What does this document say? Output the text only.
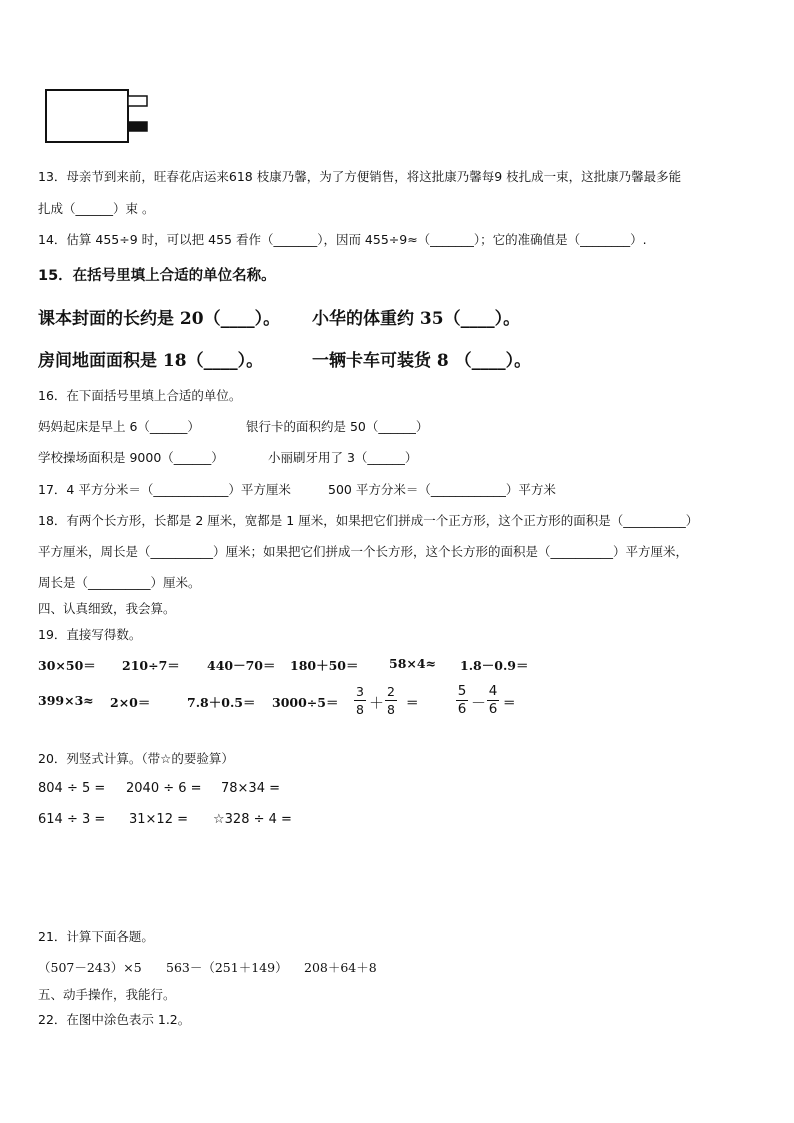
13．母亲节到来前，旺春花店运来618 枝康乃馨，为了方便销售，将这批康乃馨每9 枝扎成一束，这批康乃馨最多能
扎成（______）束 。
14．估算 455÷9 时，可以把 455 看作（_______），因而 455÷9≈（_______）；它的准确值是（________）.
15．在括号里填上合适的单位名称。
课本封面的长约是 20（____）。 小华的体重约 35（____）。
房间地面面积是 18（____）。	一辆卡车可装货 8 （____）。
16．在下面括号里填上合适的单位。
妈妈起床是早上 6（______）	银行卡的面积约是 50（______）
学校操场面积是 9000（______）	小丽刷牙用了 3（______）
17．4 平方分米＝（____________）平方厘米	500 平方分米＝（____________）平方米
18．有两个长方形，长都是 2 厘米，宽都是 1 厘米，如果把它们拼成一个正方形，这个正方形的面积是（__________）
平方厘米，周长是（__________）厘米；如果把它们拼成一个长方形，这个长方形的面积是（__________）平方厘米，
周长是（__________）厘米。
四、认真细致，我会算。
19．直接写得数。
30×50＝ 210÷7＝ 440－70＝ 180＋50＝ 58×4≈ 1.8－0.9＝
399×3≈ 2×0＝	7.8＋0.5＝ 3000÷5＝
3
8 ＋
2
8 ＝
5
6 －
4
6 ＝
20．列竖式计算。（带☆的要验算）
804 ÷ 5 = 2040 ÷ 6 = 78×34 =
614 ÷ 3 = 31×12 = ☆328 ÷ 4 =
21．计算下面各题。
（507－243）×5 563－（251＋149） 208＋64＋8
五、动手操作，我能行。
22．在图中涂色表示 1.2。
